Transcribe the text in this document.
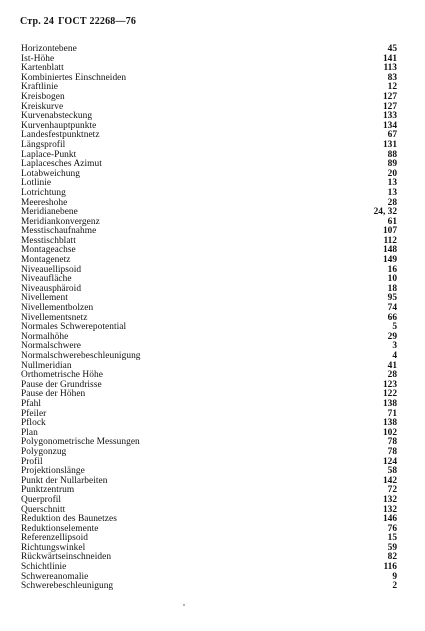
Стр. 24 ГОСТ 22268—76
Horizontebene	45
Ist-Höhe	141
Kartenblatt	113
Kombiniertes Einschneiden	83
Kraftlinie	12
Kreisbogen	127
Kreiskurve	127
Kurvenabsteckung	133
Kurvenhauptpunkte	134
Landesfestpunktnetz	67
Längsprofil	131
Laplace-Punkt	88
Laplacesches Azimut	89
Lotabweichung	20
Lotlinie	13
Lotrichtung	13
Meereshohe	28
Meridianebene	24, 32
Meridiankonvergenz	61
Messtischaufnahme	107
Messtischblatt	112
Montageachse	148
Montagenetz	149
Niveauellipsoid	16
Niveaufläche	10
Niveausphäroid	18
Nivellement	95
Nivellementbolzen	74
Nivellementsnetz	66
Normales Schwerepotential	5
Normalhöhe	29
Normalschwere	3
Normalschwerebeschleunigung	4
Nullmeridian	41
Orthometrische Höhe	28
Pause der Grundrisse	123
Pause der Höhen	122
Pfahl	138
Pfeiler	71
Pflock	138
Plan	102
Polygonometrische Messungen	78
Polygonzug	78
Profil	124
Projektionslänge	58
Punkt der Nullarbeiten	142
Punktzentrum	72
Querprofil	132
Querschnitt	132
Reduktion des Baunetzes	146
Reduktionselemente	76
Referenzellipsoid	15
Richtungswinkel	59
Rückwärtseinschneiden	82
Schichtlinie	116
Schwereanomalie	9
Schwerebeschleunigung	2
